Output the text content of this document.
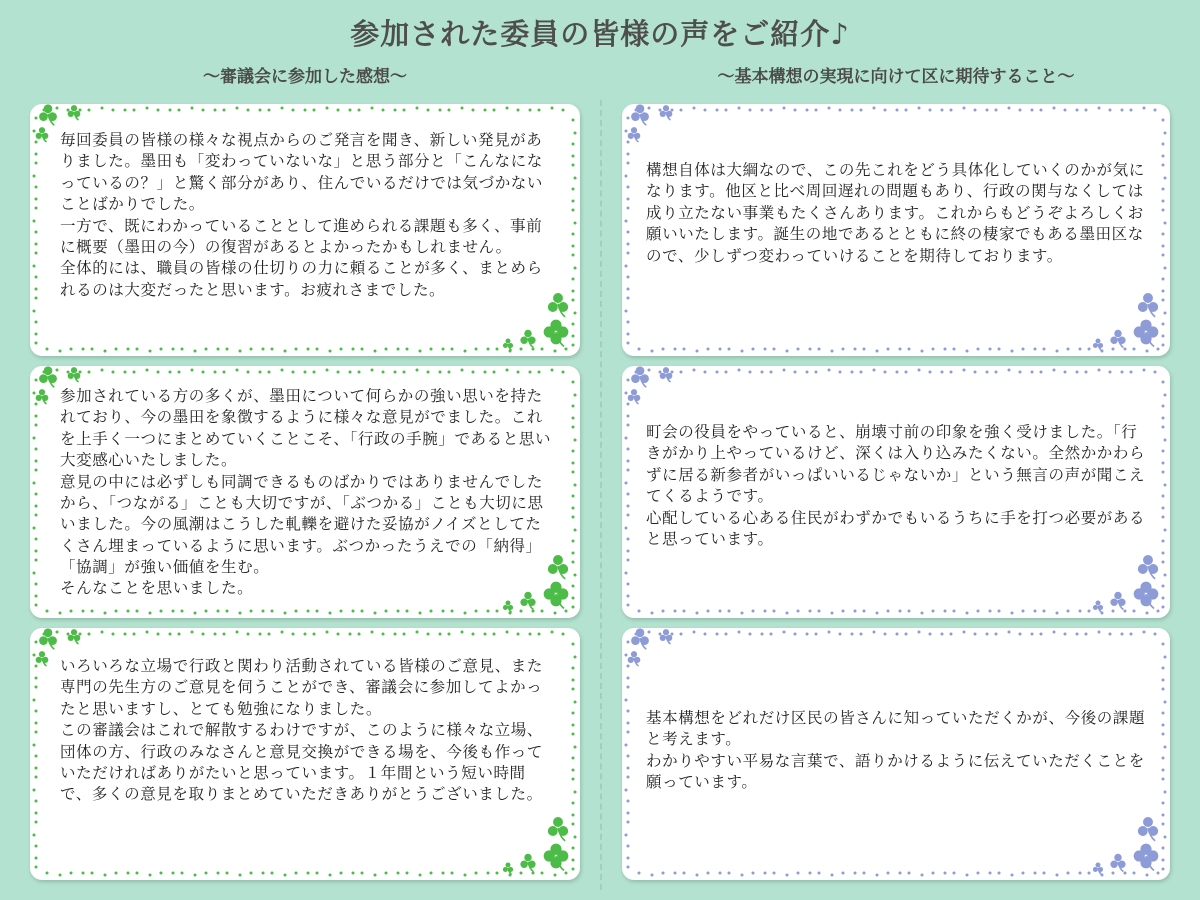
参加された委員の皆様の声をご紹介♪
～審議会に参加した感想～	～基本構想の実現に向けて区に期待すること～
毎回委員の皆様の様々な視点からのご発言を聞き、新しい発見がありました。墨田も「変わっていないな」と思う部分と「こんなになっているの？」と驚く部分があり、住んでいるだけでは気づかないことばかりでした。
一方で、既にわかっていることとして進められる課題も多く、事前に概要（墨田の今）の復習があるとよかったかもしれません。
全体的には、職員の皆様の仕切りの力に頼ることが多く、まとめられるのは大変だったと思います。お疲れさまでした。
参加されている方の多くが、墨田について何らかの強い思いを持たれており、今の墨田を象徴するように様々な意見がでました。これを上手く一つにまとめていくことこそ、「行政の手腕」であると思い大変感心いたしました。
意見の中には必ずしも同調できるものばかりではありませんでしたから、「つながる」ことも大切ですが、「ぶつかる」ことも大切に思いました。今の風潮はこうした軋轢を避けた妥協がノイズとしてたくさん埋まっているように思います。ぶつかったうえでの「納得」「協調」が強い価値を生む。
そんなことを思いました。
いろいろな立場で行政と関わり活動されている皆様のご意見、また専門の先生方のご意見を伺うことができ、審議会に参加してよかったと思いますし、とても勉強になりました。
この審議会はこれで解散するわけですが、このように様々な立場、団体の方、行政のみなさんと意見交換ができる場を、今後も作っていただければありがたいと思っています。１年間という短い時間で、多くの意見を取りまとめていただきありがとうございました。
構想自体は大綱なので、この先これをどう具体化していくのかが気になります。他区と比べ周回遅れの問題もあり、行政の関与なくしては成り立たない事業もたくさんあります。これからもどうぞよろしくお願いいたします。誕生の地であるとともに終の棲家でもある墨田区なので、少しずつ変わっていけることを期待しております。
町会の役員をやっていると、崩壊寸前の印象を強く受けました。「行きがかり上やっているけど、深くは入り込みたくない。全然かかわらずに居る新参者がいっぱいいるじゃないか」という無言の声が聞こえてくるようです。
心配している心ある住民がわずかでもいるうちに手を打つ必要があると思っています。
基本構想をどれだけ区民の皆さんに知っていただくかが、今後の課題と考えます。
わかりやすい平易な言葉で、語りかけるように伝えていただくことを願っています。
